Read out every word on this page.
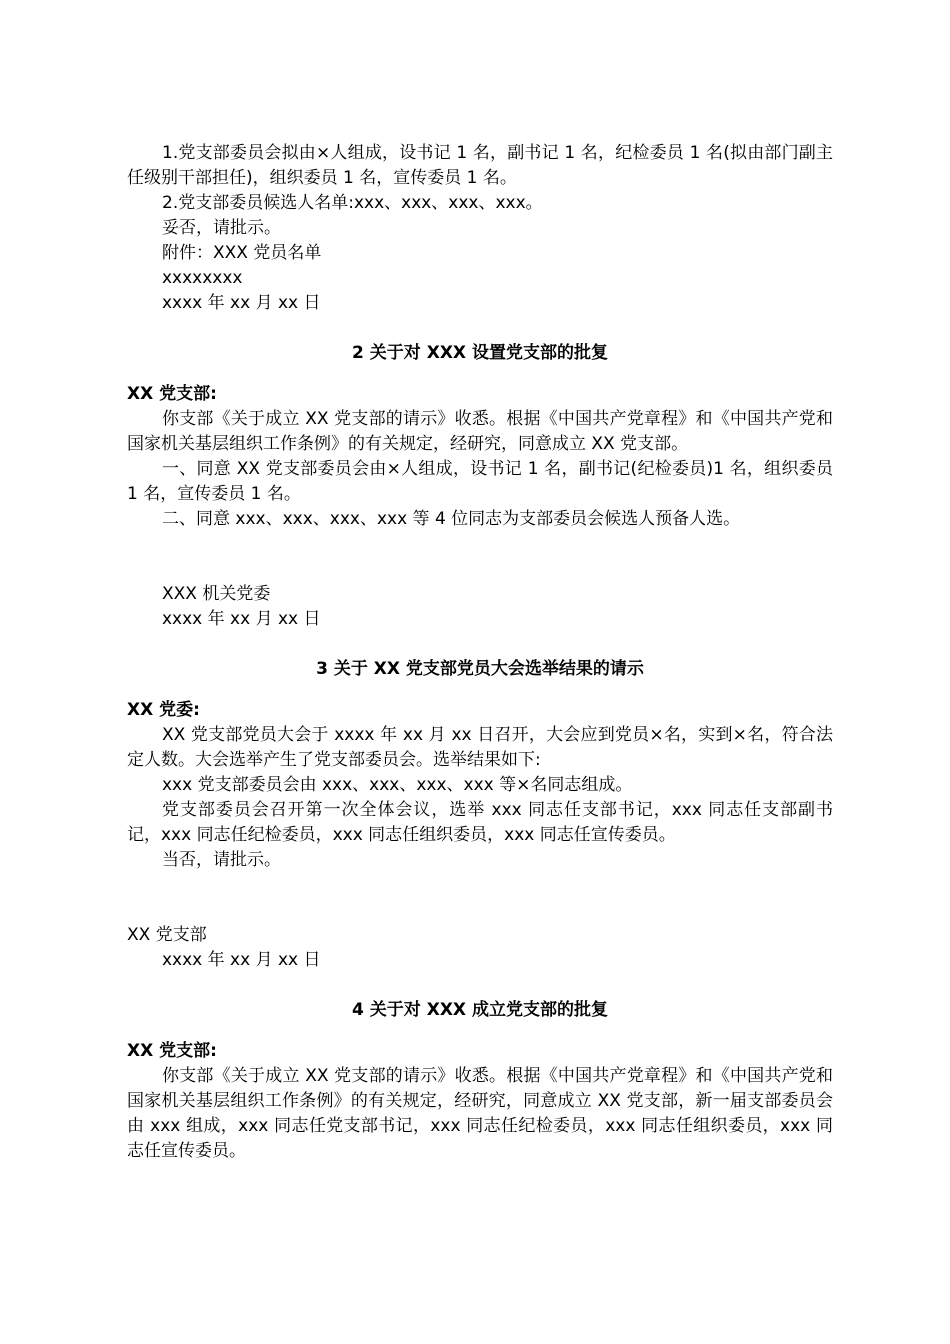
1.党支部委员会拟由×人组成，设书记 1 名，副书记 1 名，纪检委员 1 名(拟由部门副主任级别干部担任)，组织委员 1 名，宣传委员 1 名。

2.党支部委员候选人名单:xxx、xxx、xxx、xxx。

妥否，请批示。

附件：XXX 党员名单

xxxxxxxx

xxxx 年 xx 月 xx 日

2 关于对 XXX 设置党支部的批复

XX 党支部:

你支部《关于成立 XX 党支部的请示》收悉。根据《中国共产党章程》和《中国共产党和国家机关基层组织工作条例》的有关规定，经研究，同意成立 XX 党支部。

一、同意 XX 党支部委员会由×人组成，设书记 1 名，副书记(纪检委员)1 名，组织委员 1 名，宣传委员 1 名。

二、同意 xxx、xxx、xxx、xxx 等 4 位同志为支部委员会候选人预备人选。

XXX 机关党委

xxxx 年 xx 月 xx 日

3 关于 XX 党支部党员大会选举结果的请示

XX 党委:

XX 党支部党员大会于 xxxx 年 xx 月 xx 日召开，大会应到党员×名，实到×名，符合法定人数。大会选举产生了党支部委员会。选举结果如下:

xxx 党支部委员会由 xxx、xxx、xxx、xxx 等×名同志组成。

党支部委员会召开第一次全体会议，选举 xxx 同志任支部书记，xxx 同志任支部副书记，xxx 同志任纪检委员，xxx 同志任组织委员，xxx 同志任宣传委员。

当否，请批示。

XX 党支部

xxxx 年 xx 月 xx 日

4 关于对 XXX 成立党支部的批复

XX 党支部:

你支部《关于成立 XX 党支部的请示》收悉。根据《中国共产党章程》和《中国共产党和国家机关基层组织工作条例》的有关规定，经研究，同意成立 XX 党支部，新一届支部委员会由 xxx 组成，xxx 同志任党支部书记，xxx 同志任纪检委员，xxx 同志任组织委员，xxx 同志任宣传委员。
